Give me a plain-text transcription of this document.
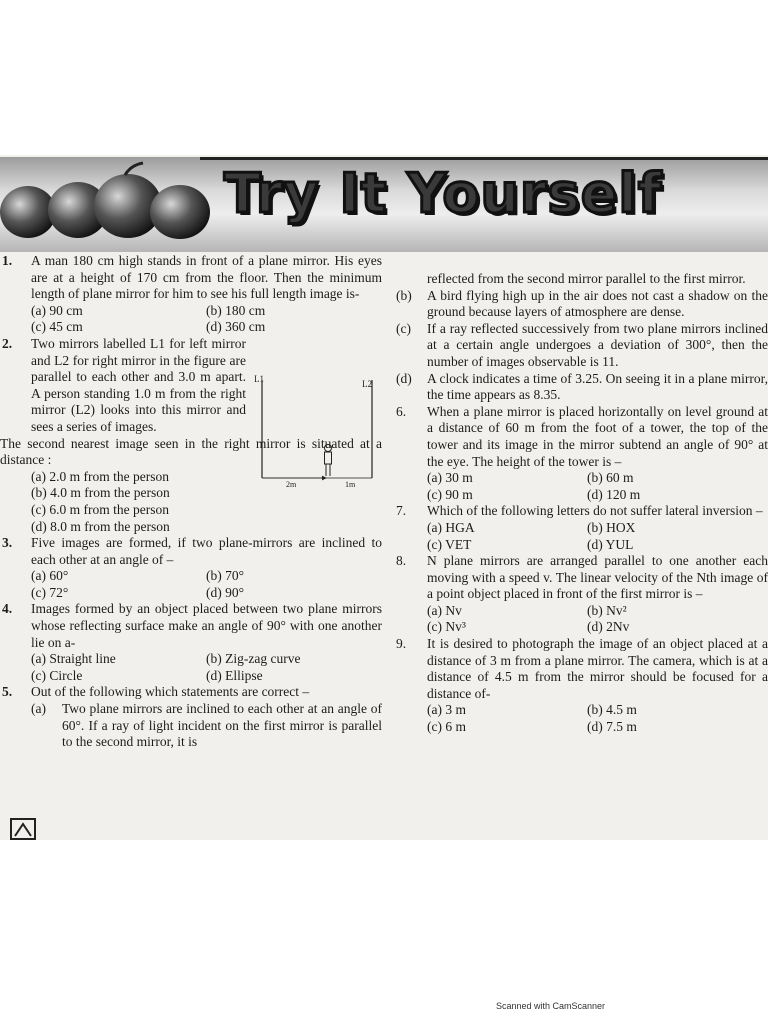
Try It Yourself
1. A man 180 cm high stands in front of a plane mirror. His eyes are at a height of 170 cm from the floor. Then the minimum length of plane mirror for him to see his full length image is-

(a) 90 cm	(b) 180 cm
(c) 45 cm	(d) 360 cm
2. Two mirrors labelled L1 for left mirror and L2 for right mirror in the figure are parallel to each other and 3.0 m apart. A person standing 1.0 m from the right mirror (L2) looks into this mirror and sees a series of images.

The second nearest image seen in the right mirror is situated at a distance :

(a) 2.0 m from the person
(b) 4.0 m from the person
(c) 6.0 m from the person
(d) 8.0 m from the person
3. Five images are formed, if two plane-mirrors are inclined to each other at an angle of –

(a) 60°	(b) 70°
(c) 72°	(d) 90°
4. Images formed by an object placed between two plane mirrors whose reflecting surface make an angle of 90° with one another lie on a-

(a) Straight line	(b) Zig-zag curve
(c) Circle	(d) Ellipse
5. Out of the following which statements are correct –

(a) Two plane mirrors are inclined to each other at an angle of 60°. If a ray of light incident on the first mirror is parallel to the second mirror, it is

L1	L2
2m	1m

reflected from the second mirror parallel to the first mirror.

(b) A bird flying high up in the air does not cast a shadow on the ground because layers of atmosphere are dense.

(c) If a ray reflected successively from two plane mirrors inclined at a certain angle undergoes a deviation of 300°, then the number of images observable is 11.

(d) A clock indicates a time of 3.25. On seeing it in a plane mirror, the time appears as 8.35.

6. When a plane mirror is placed horizontally on level ground at a distance of 60 m from the foot of a tower, the top of the tower and its image in the mirror subtend an angle of 90° at the eye. The height of the tower is –

(a) 30 m	(b) 60 m
(c) 90 m	(d) 120 m
7. Which of the following letters do not suffer lateral inversion –

(a) HGA	(b) HOX
(c) VET	(d) YUL
8. N plane mirrors are arranged parallel to one another each moving with a speed v. The linear velocity of the Nth image of a point object placed in front of the first mirror is –

(a) Nv	(b) Nv²
(c) Nv³	(d) 2Nv
9. It is desired to photograph the image of an object placed at a distance of 3 m from a plane mirror. The camera, which is at a distance of 4.5 m from the mirror should be focused for a distance of-

(a) 3 m	(b) 4.5 m
(c) 6 m	(d) 7.5 m
Scanned with CamScanner
